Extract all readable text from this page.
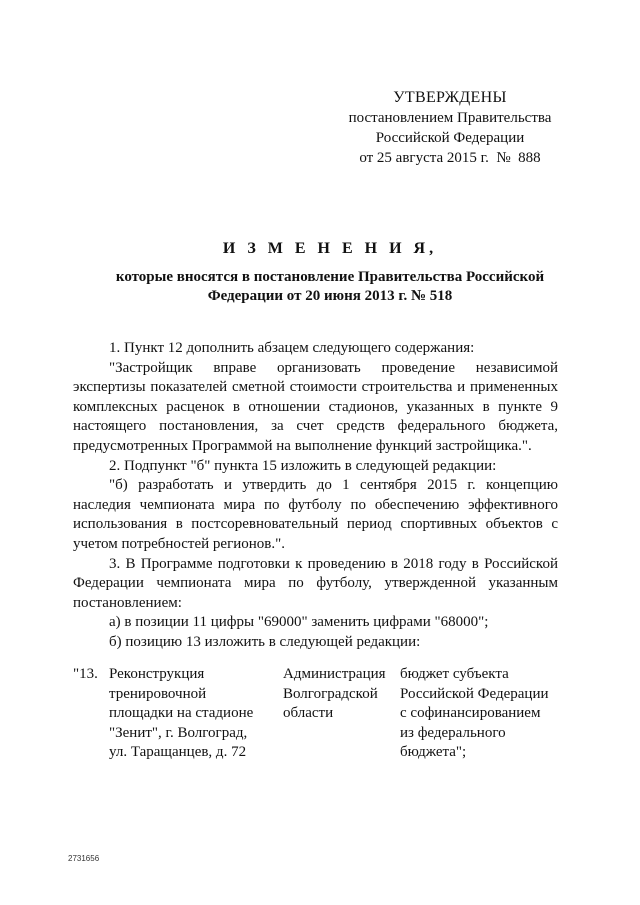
УТВЕРЖДЕНЫ
постановлением Правительства
Российской Федерации
от 25 августа 2015 г.  №  888
И З М Е Н Е Н И Я,
которые вносятся в постановление Правительства Российской
Федерации от 20 июня 2013 г. № 518

1. Пункт 12 дополнить абзацем следующего содержания:

"Застройщик вправе организовать проведение независимой экспертизы показателей сметной стоимости строительства и примененных комплексных расценок в отношении стадионов, указанных в пункте 9 настоящего постановления, за счет средств федерального бюджета, предусмотренных Программой на выполнение функций застройщика.".

2. Подпункт "б" пункта 15 изложить в следующей редакции:

"б) разработать и утвердить до 1 сентября 2015 г. концепцию наследия чемпионата мира по футболу по обеспечению эффективного использования в постсоревновательный период спортивных объектов с учетом потребностей регионов.".

3. В Программе подготовки к проведению в 2018 году в Российской Федерации чемпионата мира по футболу, утвержденной указанным постановлением:

а) в позиции 11 цифры "69000" заменить цифрами "68000";

б) позицию 13 изложить в следующей редакции:

"13. Реконструкция
тренировочной
площадки на стадионе
"Зенит", г. Волгоград,
ул. Таращанцев, д. 72
Администрация
Волгоградской
области
бюджет субъекта
Российской Федерации
с софинансированием
из федерального
бюджета";
2731656
